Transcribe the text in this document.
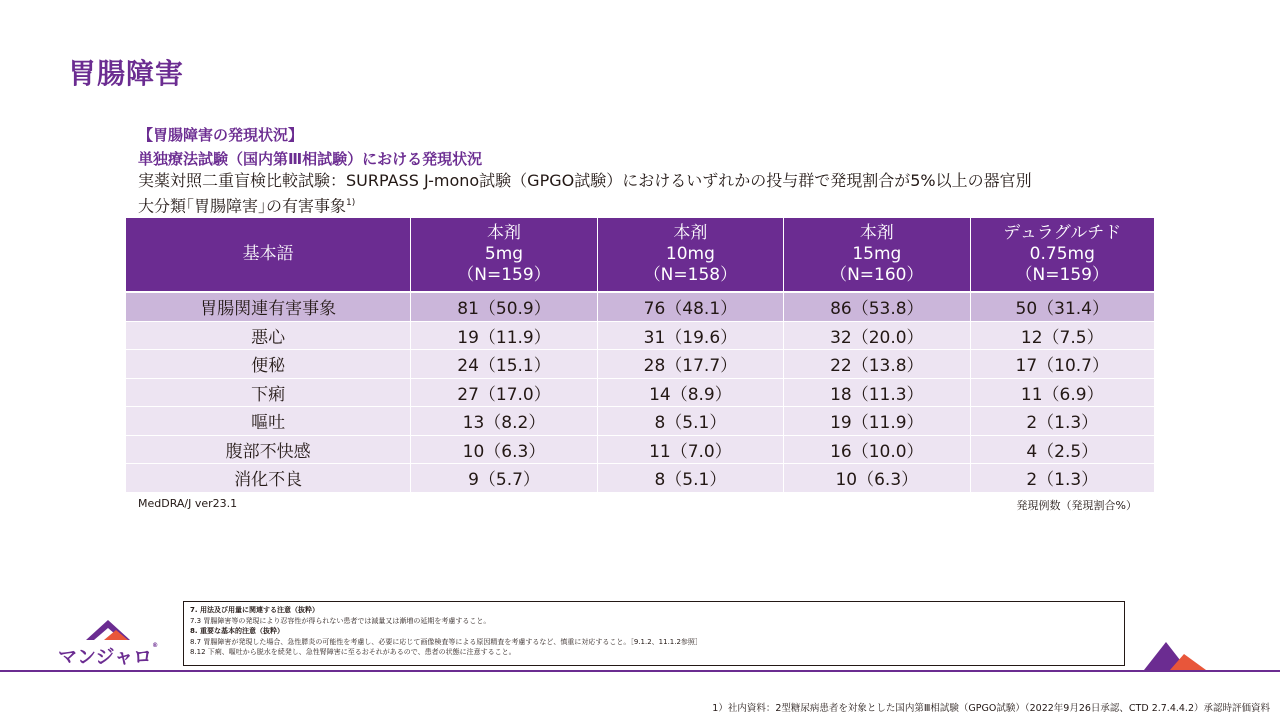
胃腸障害
【胃腸障害の発現状況】
単独療法試験（国内第Ⅲ相試験）における発現状況
実薬対照二重盲検比較試験：SURPASS J-mono試験（GPGO試験）におけるいずれかの投与群で発現割合が5%以上の器官別
大分類｢胃腸障害｣の有害事象$^{1)}$
基本語	本剤
5mg
（N=159）	本剤
10mg
（N=158）	本剤
15mg
（N=160）	デュラグルチド
0.75mg
（N=159）
胃腸関連有害事象	81（50.9）	76（48.1）	86（53.8）	50（31.4）
悪心	19（11.9）	31（19.6）	32（20.0）	12（7.5）
便秘	24（15.1）	28（17.7）	22（13.8）	17（10.7）
下痢	27（17.0）	14（8.9）	18（11.3）	11（6.9）
嘔吐	13（8.2）	8（5.1）	19（11.9）	2（1.3）
腹部不快感	10（6.3）	11（7.0）	16（10.0）	4（2.5）
消化不良	9（5.7）	8（5.1）	10（6.3）	2（1.3）
MedDRA/J ver23.1	発現例数（発現割合%）
7. 用法及び用量に関連する注意（抜粋）
7.3 胃腸障害等の発現により忍容性が得られない患者では減量又は漸増の延期を考慮すること。
8. 重要な基本的注意（抜粋）
8.7 胃腸障害が発現した場合、急性膵炎の可能性を考慮し、必要に応じて画像検査等による原因精査を考慮するなど、慎重に対応すること。［9.1.2、11.1.2参照］
8.12 下痢、嘔吐から脱水を続発し、急性腎障害に至るおそれがあるので、患者の状態に注意すること。
マンジャロ®
1）社内資料：2型糖尿病患者を対象とした国内第Ⅲ相試験（GPGO試験）（2022年9月26日承認、CTD 2.7.4.4.2）承認時評価資料
